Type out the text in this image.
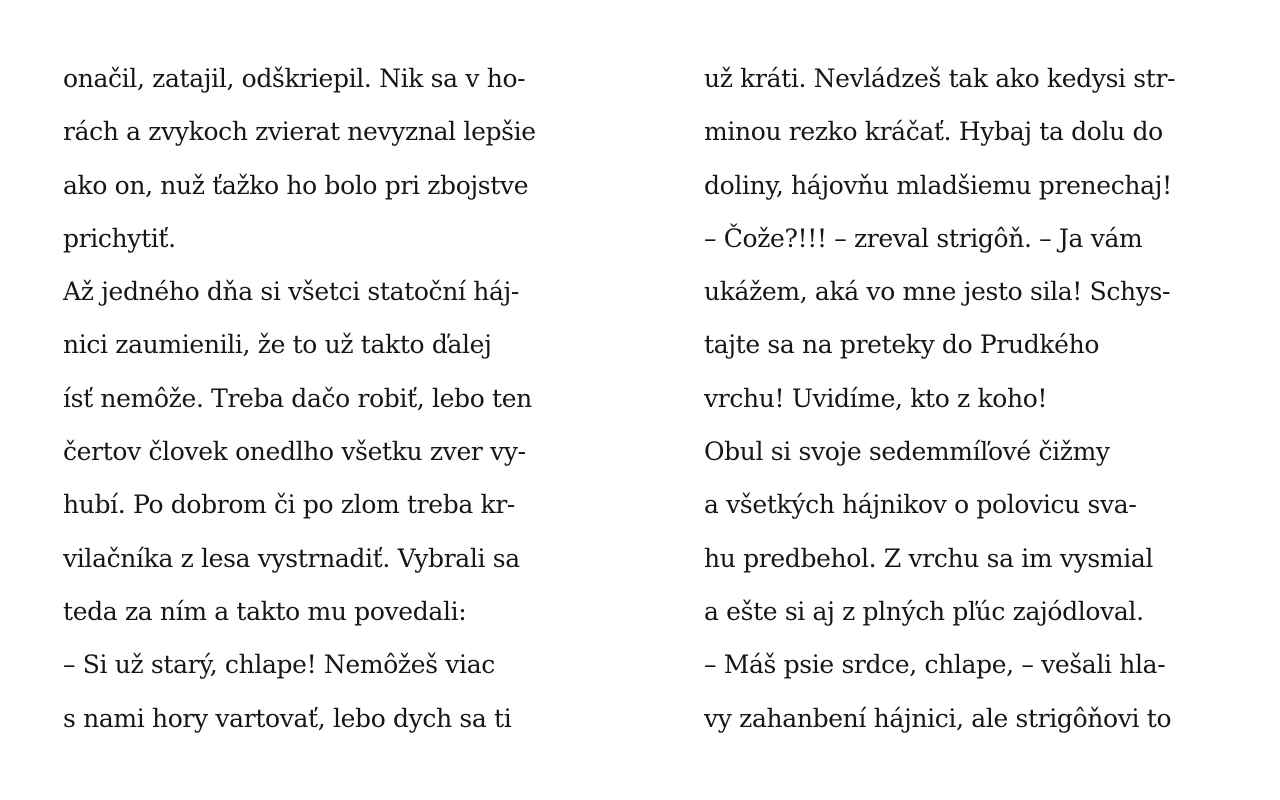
onačil, zatajil, odškriepil. Nik sa v ho-
rách a zvykoch zvierat nevyznal lepšie
ako on, nuž ťažko ho bolo pri zbojstve
prichytiť.
Až jedného dňa si všetci statoční háj-
nici zaumienili, že to už takto ďalej
ísť nemôže. Treba dačo robiť, lebo ten
čertov človek onedlho všetku zver vy-
hubí. Po dobrom či po zlom treba kr-
vilačníka z lesa vystrnadiť. Vybrali sa
teda za ním a takto mu povedali:
– Si už starý, chlape! Nemôžeš viac
s nami hory vartovať, lebo dych sa ti
už kráti. Nevládzeš tak ako kedysi str-
minou rezko kráčať. Hybaj ta dolu do
doliny, hájovňu mladšiemu prenechaj!
– Čože?!!! – zreval strigôň. – Ja vám
ukážem, aká vo mne jesto sila! Schys-
tajte sa na preteky do Prudkého
vrchu! Uvidíme, kto z koho!
Obul si svoje sedemmíľové čižmy
a všetkých hájnikov o polovicu sva-
hu predbehol. Z vrchu sa im vysmial
a ešte si aj z plných pľúc zajódloval.
– Máš psie srdce, chlape, – vešali hla-
vy zahanbení hájnici, ale strigôňovi to
